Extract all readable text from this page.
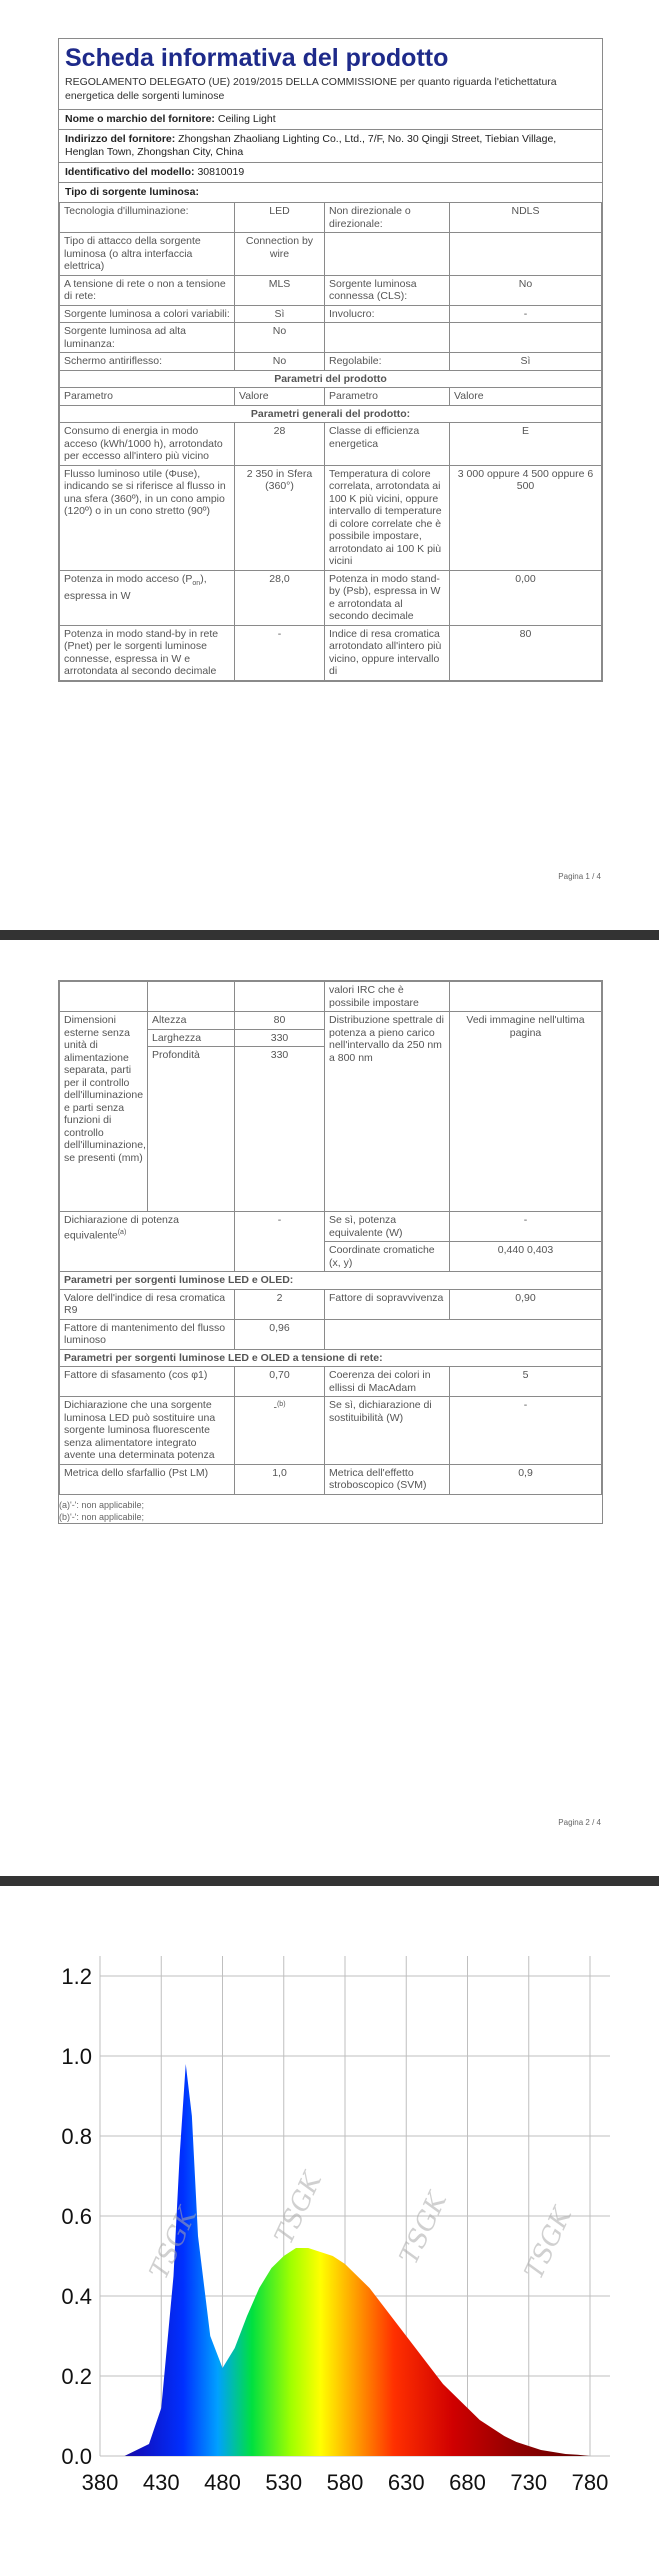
Scheda informativa del prodotto
REGOLAMENTO DELEGATO (UE) 2019/2015 DELLA COMMISSIONE per quanto riguarda l'etichettatura energetica delle sorgenti luminose
Nome o marchio del fornitore: Ceiling Light
Indirizzo del fornitore: Zhongshan Zhaoliang Lighting Co., Ltd., 7/F, No. 30 Qingji Street, Tiebian Village, Henglan Town, Zhongshan City, China
Identificativo del modello: 30810019
Tipo di sorgente luminosa:
Tecnologia d'illuminazione:	LED	Non direzionale o direzionale:	NDLS
Tipo di attacco della sorgente luminosa (o altra interfaccia elettrica)	Connection by wire		
A tensione di rete o non a tensione di rete:	MLS	Sorgente luminosa connessa (CLS):	No
Sorgente luminosa a colori variabili:	Sì	Involucro:	-
Sorgente luminosa ad alta luminanza:	No		
Schermo antiriflesso:	No	Regolabile:	Sì
Parametri del prodotto			
Parametro	Valore	Parametro	Valore
Parametri generali del prodotto:			
Consumo di energia in modo acceso (kWh/1000 h), arrotondato per eccesso all'intero più vicino	28	Classe di efficienza energetica	E
Flusso luminoso utile (Φuse), indicando se si riferisce al flusso in una sfera (360º), in un cono ampio (120º) o in un cono stretto (90º)	2 350 in Sfera (360°)	Temperatura di colore correlata, arrotondata ai 100 K più vicini, oppure intervallo di temperature di colore correlate che è possibile impostare, arrotondato ai 100 K più vicini	3 000 oppure 4 500 oppure 6 500
Potenza in modo acceso $(P_{on})$, espressa in W	28,0	Potenza in modo stand-by (Psb), espressa in W e arrotondata al secondo decimale	0,00
Potenza in modo stand-by in rete (Pnet) per le sorgenti luminose connesse, espressa in W e arrotondata al secondo decimale	-	Indice di resa cromatica arrotondato all'intero più vicino, oppure intervallo di	80
Pagina 1 / 4
			valori IRC che è possibile impostare	
Dimensioni esterne senza unità di alimentazione separata, parti per il controllo dell'illuminazione e parti senza funzioni di controllo dell'illuminazione, se presenti (mm)	Altezza	80	Distribuzione spettrale di potenza a pieno carico nell'intervallo da 250 nm a 800 nm	Vedi immagine nell'ultima pagina
	Larghezza	330		
	Profondità	330		
Dichiarazione di potenza equivalente$^{(a)}$		-	Se sì, potenza equivalente (W)	-
			Coordinate cromatiche (x, y)	0,440 0,403
Parametri per sorgenti luminose LED e OLED:				
Valore dell'indice di resa cromatica R9		2	Fattore di sopravvivenza	0,90
Fattore di mantenimento del flusso luminoso		0,96		
Parametri per sorgenti luminose LED e OLED a tensione di rete:				
Fattore di sfasamento (cos φ1)		0,70	Coerenza dei colori in ellissi di MacAdam	5
Dichiarazione che una sorgente luminosa LED può sostituire una sorgente luminosa fluorescente senza alimentatore integrato avente una determinata potenza		-$^{(b)}$	Se sì, dichiarazione di sostituibilità (W)	-
Metrica dello sfarfallio (Pst LM)		1,0	Metrica dell'effetto stroboscopico (SVM)	0,9
(a)'-': non applicabile;
(b)'-': non applicabile;
Pagina 2 / 4
380 430 480 530 580 630 680 730 780
0.0
0.2
0.4
0.6
0.8
1.0
1.2
TSGK	TSGK	TSGK	TSGK
